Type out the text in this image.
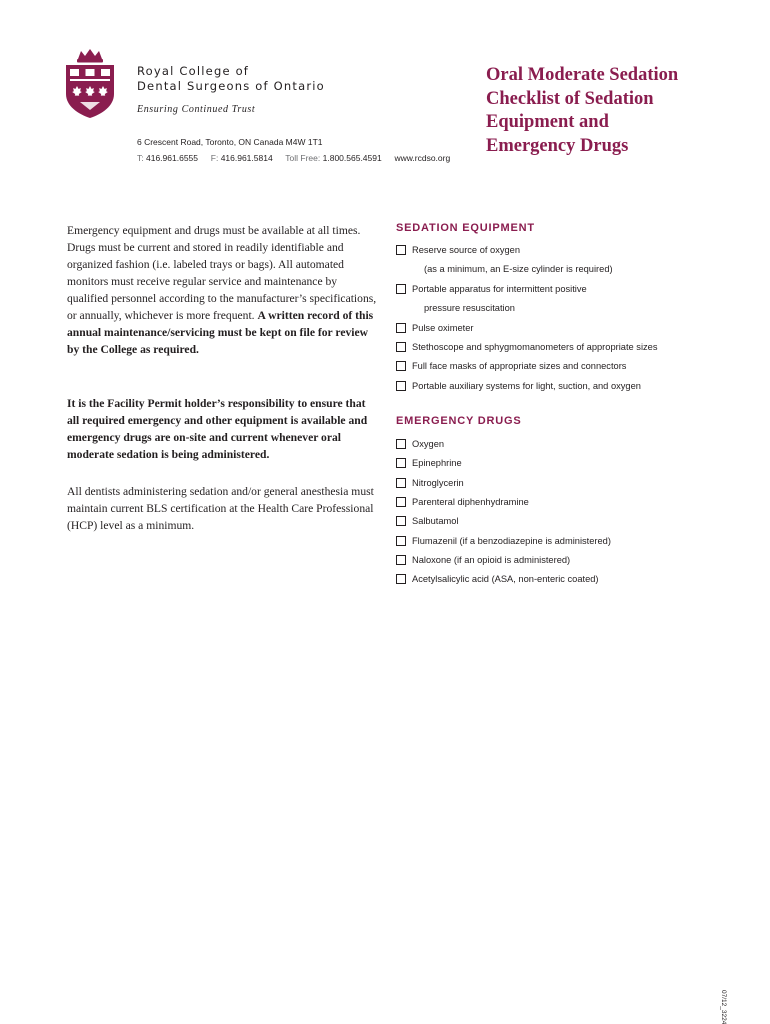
Royal College of
Dental Surgeons of Ontario
Ensuring Continued Trust
6 Crescent Road, Toronto, ON Canada M4W 1T1
T: 416.961.6555 F: 416.961.5814 Toll Free: 1.800.565.4591 www.rcdso.org
Oral Moderate Sedation
Checklist of Sedation
Equipment and
Emergency Drugs

Emergency equipment and drugs must be available at all times. Drugs must be current and stored in readily identifiable and organized fashion (i.e. labeled trays or bags). All automated monitors must receive regular service and maintenance by qualified personnel according to the manufacturer’s specifications, or annually, whichever is more frequent. A written record of this annual maintenance/servicing must be kept on file for review by the College as required.

It is the Facility Permit holder’s responsibility to ensure that all required emergency and other equipment is available and emergency drugs are on-site and current whenever oral moderate sedation is being administered.

All dentists administering sedation and/or general anesthesia must maintain current BLS certification at the Health Care Professional (HCP) level as a minimum.

SEDATION EQUIPMENT
Reserve source of oxygen
(as a minimum, an E-size cylinder is required)
Portable apparatus for intermittent positive
pressure resuscitation
Pulse oximeter
Stethoscope and sphygmomanometers of appropriate sizes
Full face masks of appropriate sizes and connectors
Portable auxiliary systems for light, suction, and oxygen
EMERGENCY DRUGS
Oxygen
Epinephrine
Nitroglycerin
Parenteral diphenhydramine
Salbutamol
Flumazenil (if a benzodiazepine is administered)
Naloxone (if an opioid is administered)
Acetylsalicylic acid (ASA, non-enteric coated)
07/12_3224
